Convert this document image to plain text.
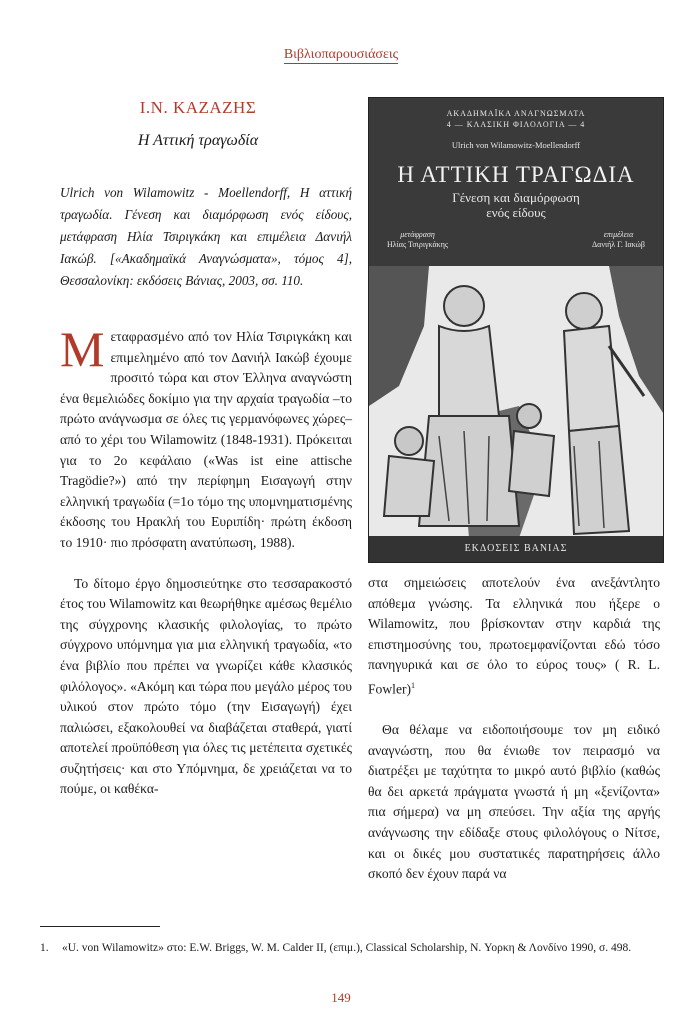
Βιβλιοπαρουσιάσεις
Ι.Ν. ΚΑΖΑΖΗΣ
Η Αττική τραγωδία

Ulrich von Wilamowitz - Moellendorff, Η αττική τραγωδία. Γένεση και διαμόρφωση ενός είδους, μετάφραση Ηλία Τσιριγκάκη και επιμέλεια Δανιήλ Ιακώβ. [«Ακαδημαϊκά Αναγνώσματα», τόμος 4], Θεσσαλονίκη: εκδόσεις Βάνιας, 2003, σσ. 110.

Μεταφρασμένο από τον Ηλία Τσιριγκάκη και επιμελημένο από τον Δανιήλ Ιακώβ έχουμε προσιτό τώρα και στον Έλληνα αναγνώστη ένα θεμελιώδες δοκίμιο για την αρχαία τραγωδία –το πρώτο ανάγνωσμα σε όλες τις γερμανόφωνες χώρες– από το χέρι του Wilamowitz (1848-1931). Πρόκειται για το 2ο κεφάλαιο («Was ist eine attische Tragödie?») από την περίφημη Εισαγωγή στην ελληνική τραγωδία (=1ο τόμο της υπομνηματισμένης έκδοσης του Ηρακλή του Ευριπίδη· πρώτη έκδοση το 1910· πιο πρόσφατη ανατύπωση, 1988).

Το δίτομο έργο δημοσιεύτηκε στο τεσσαρακοστό έτος του Wilamowitz και θεωρήθηκε αμέσως θεμέλιο της σύγχρονης κλασικής φιλολογίας, το πρώτο σύγχρονο υπόμνημα για μια ελληνική τραγωδία, «το ένα βιβλίο που πρέπει να γνωρίζει κάθε κλασικός φιλόλογος». «Ακόμη και τώρα που μεγάλο μέρος του υλικού στον πρώτο τόμο (την Εισαγωγή) έχει παλιώσει, εξακολουθεί να διαβάζεται σταθερά, γιατί αποτελεί προϋπόθεση για όλες τις μετέπειτα σχετικές συζητήσεις· και στο Υπόμνημα, δε χρειάζεται να το πούμε, οι καθέκα-

ΑΚΑΔΗΜΑΪΚΑ ΑΝΑΓΝΩΣΜΑΤΑ
4 — ΚΛΑΣΙΚΗ ΦΙΛΟΛΟΓΙΑ — 4
Ulrich von Wilamowitz-Moellendorff
Η ΑΤΤΙΚΗ ΤΡΑΓΩΔΙΑ
Γένεση και διαμόρφωση
ενός είδους
μετάφραση
Ηλίας Τσιριγκάκης
επιμέλεια
Δανιήλ Γ. Ιακώβ
ΕΚΔΟΣΕΙΣ ΒΑΝΙΑΣ

στα σημειώσεις αποτελούν ένα ανεξάντλητο απόθεμα γνώσης. Τα ελληνικά που ήξερε ο Wilamowitz, που βρίσκονταν στην καρδιά της επιστημοσύνης του, πρωτοεμφανίζονται εδώ τόσο πανηγυρικά και σε όλο το εύρος τους» ( R. L. Fowler)$^1$

Θα θέλαμε να ειδοποιήσουμε τον μη ειδικό αναγνώστη, που θα ένιωθε τον πειρασμό να διατρέξει με ταχύτητα το μικρό αυτό βιβλίο (καθώς θα δει αρκετά πράγματα γνωστά ή μη «ξενίζοντα» πια σήμερα) να μη σπεύσει. Την αξία της αργής ανάγνωσης την εδίδαξε στους φιλολόγους ο Νίτσε, και οι δικές μου συστατικές παρατηρήσεις άλλο σκοπό δεν έχουν παρά να

1. «U. von Wilamowitz» στο: E.W. Briggs, W. M. Calder II, (επιμ.), Classical Scholarship, N. Υορκη & Λονδίνο 1990, σ. 498.
149
